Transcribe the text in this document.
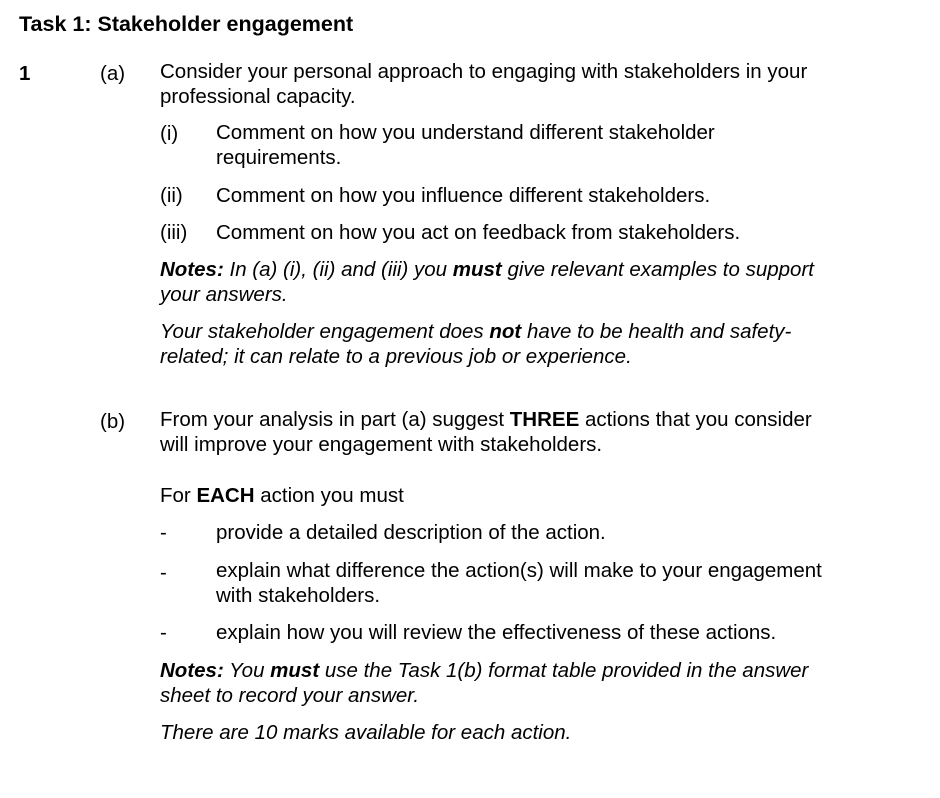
Task 1: Stakeholder engagement
1	(a) Consider your personal approach to engaging with stakeholders in your
professional capacity.
(i) Comment on how you understand different stakeholder
requirements.
(ii) Comment on how you influence different stakeholders.
(iii) Comment on how you act on feedback from stakeholders.
Notes: In (a) (i), (ii) and (iii) you must give relevant examples to support
your answers.
Your stakeholder engagement does not have to be health and safety-
related; it can relate to a previous job or experience.
(b) From your analysis in part (a) suggest THREE actions that you consider
will improve your engagement with stakeholders.
For EACH action you must
- provide a detailed description of the action.
- explain what difference the action(s) will make to your engagement
with stakeholders.
- explain how you will review the effectiveness of these actions.
Notes: You must use the Task 1(b) format table provided in the answer
sheet to record your answer.
There are 10 marks available for each action.
